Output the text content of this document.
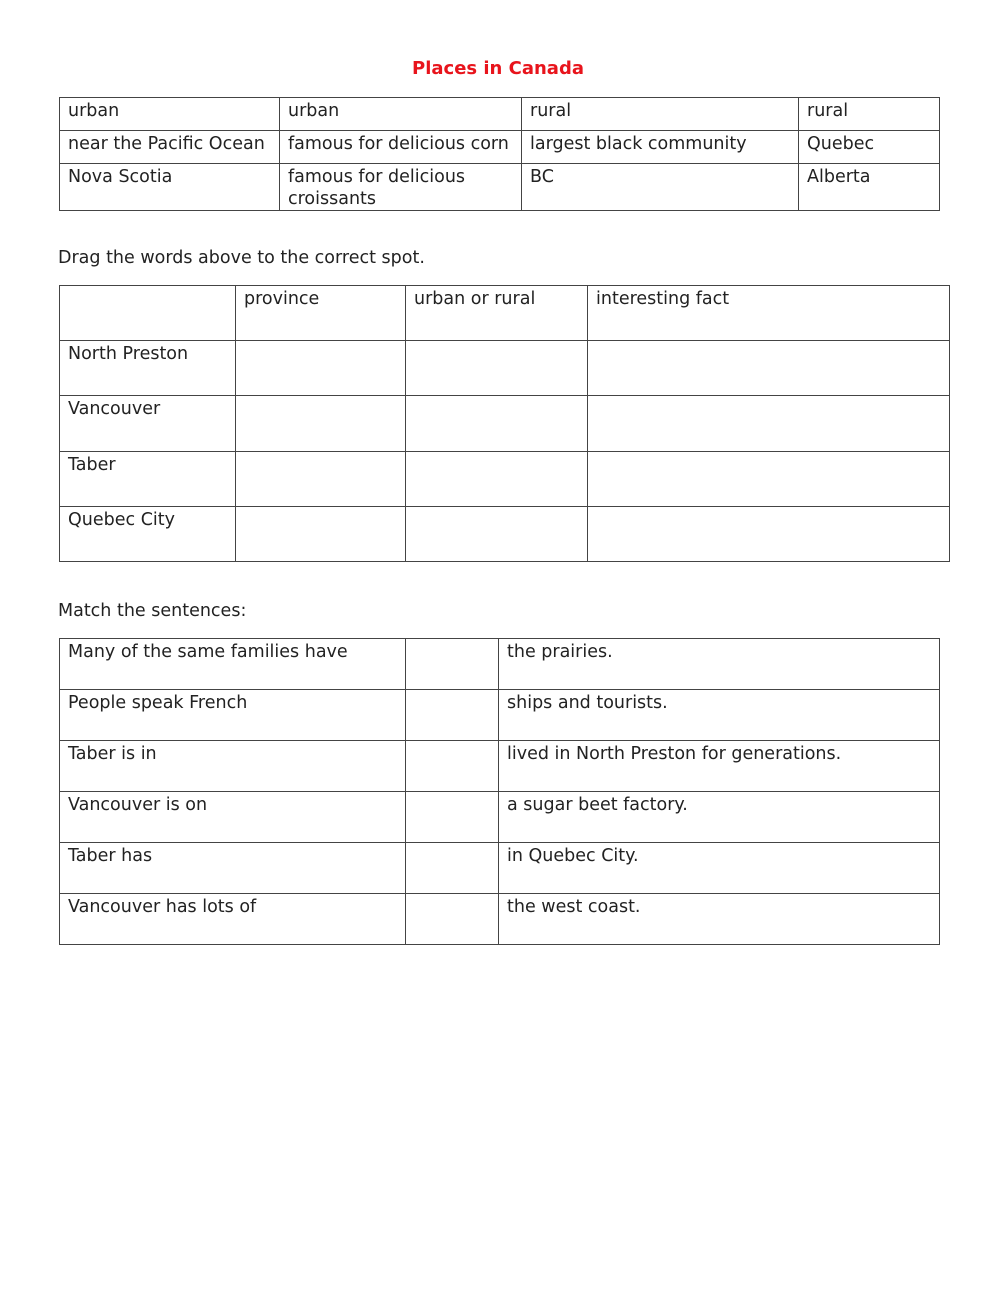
Places in Canada
urban	urban	rural	rural
near the Pacific Ocean	famous for delicious corn	largest black community	Quebec
Nova Scotia	famous for delicious croissants	BC	Alberta
Drag the words above to the correct spot.
	province	urban or rural	interesting fact
North Preston			
Vancouver			
Taber			
Quebec City			
Match the sentences:
Many of the same families have		the prairies.
People speak French		ships and tourists.
Taber is in		lived in North Preston for generations.
Vancouver is on		a sugar beet factory.
Taber has		in Quebec City.
Vancouver has lots of		the west coast.
